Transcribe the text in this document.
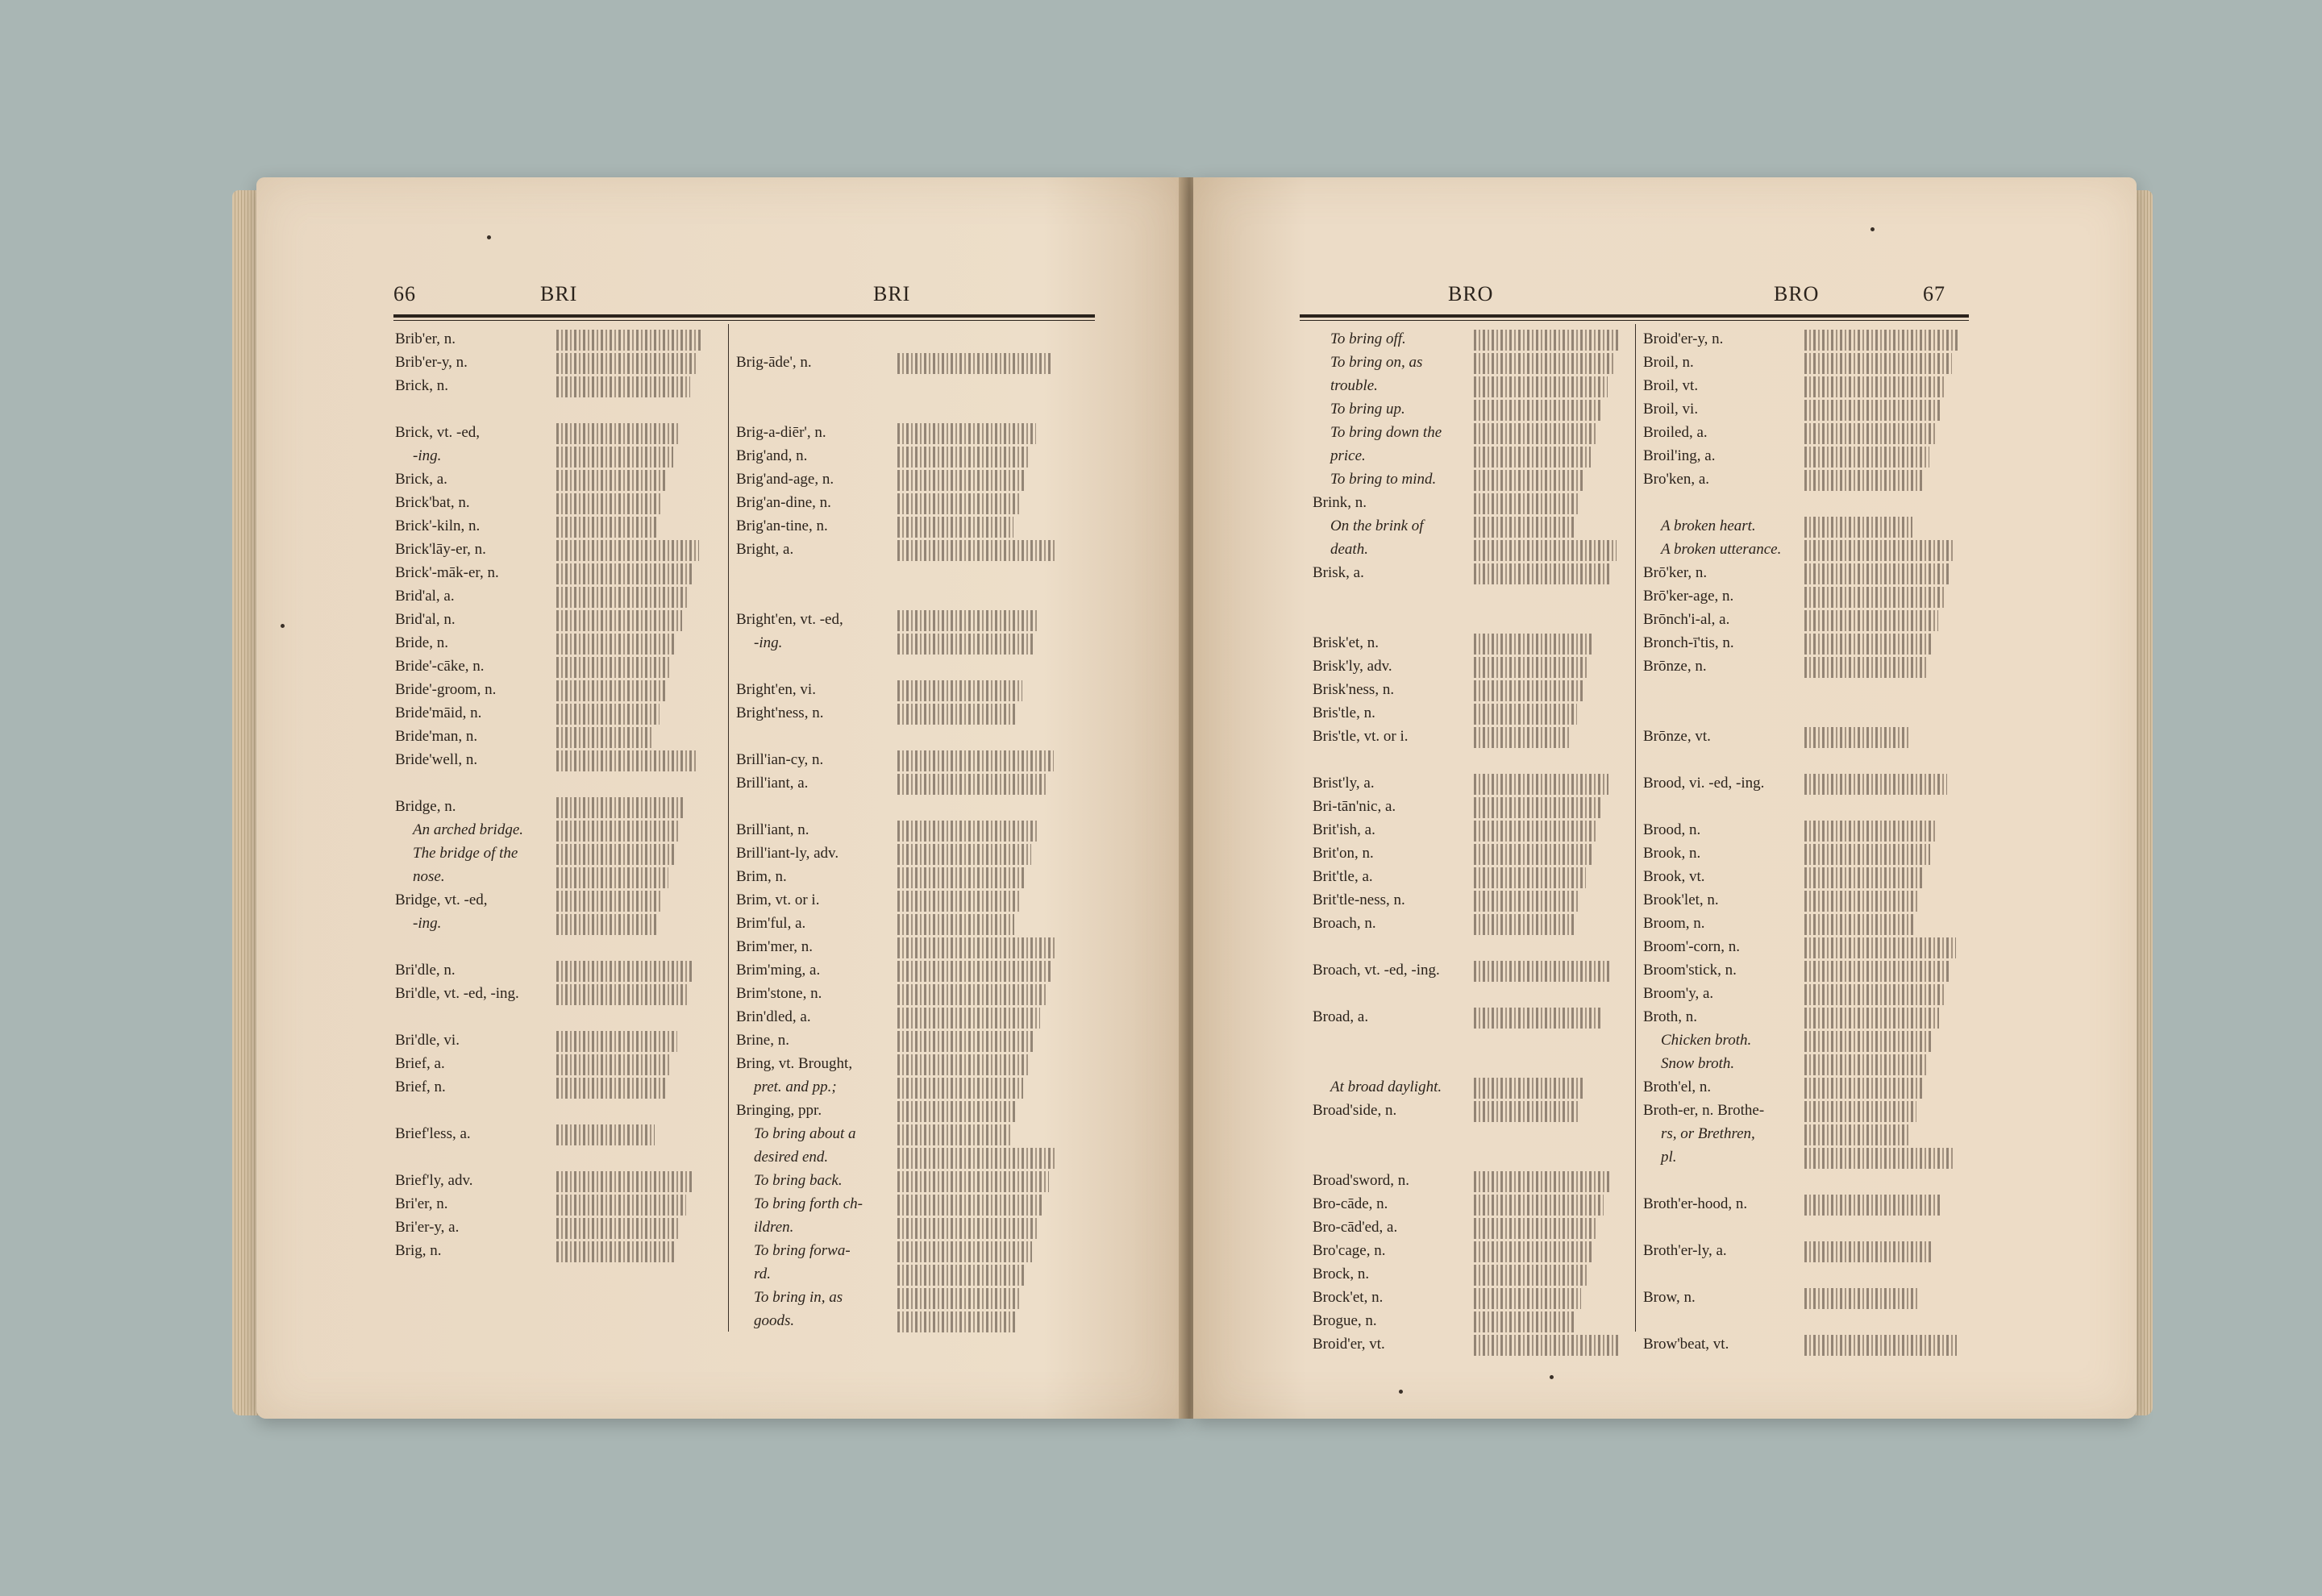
66	BRI	BRI
Brib'er, n.
Brib'er-y, n.
Brick, n.
Brick, vt. -ed,
-ing.
Brick, a.
Brick'bat, n.
Brick'-kiln, n.
Brick'lāy-er, n.
Brick'-māk-er, n.
Brid'al, a.
Brid'al, n.
Bride, n.
Bride'-cāke, n.
Bride'-groom, n.
Bride'māid, n.
Bride'man, n.
Bride'well, n.
Bridge, n.
An arched bridge.
The bridge of the
nose.
Bridge, vt. -ed,
-ing.
Bri'dle, n.
Bri'dle, vt. -ed, -ing.
Bri'dle, vi.
Brief, a.
Brief, n.
Brief'less, a.
Brief'ly, adv.
Bri'er, n.
Bri'er-y, a.
Brig, n.
Brig-āde', n.
Brig-a-diēr', n.
Brig'and, n.
Brig'and-age, n.
Brig'an-dine, n.
Brig'an-tine, n.
Bright, a.
Bright'en, vt. -ed,
-ing.
Bright'en, vi.
Bright'ness, n.
Brill'ian-cy, n.
Brill'iant, a.
Brill'iant, n.
Brill'iant-ly, adv.
Brim, n.
Brim, vt. or i.
Brim'ful, a.
Brim'mer, n.
Brim'ming, a.
Brim'stone, n.
Brin'dled, a.
Brine, n.
Bring, vt. Brought,
pret. and pp.;
Bringing, ppr.
To bring about a
desired end.
To bring back.
To bring forth ch-
ildren.
To bring forwa-
rd.
To bring in, as
goods.
BRO	BRO	67
To bring off.
To bring on, as
trouble.
To bring up.
To bring down the
price.
To bring to mind.
Brink, n.
On the brink of
death.
Brisk, a.
Brisk'et, n.
Brisk'ly, adv.
Brisk'ness, n.
Bris'tle, n.
Bris'tle, vt. or i.
Brist'ly, a.
Bri-tān'nic, a.
Brit'ish, a.
Brit'on, n.
Brit'tle, a.
Brit'tle-ness, n.
Broach, n.
Broach, vt. -ed, -ing.
Broad, a.
At broad daylight.
Broad'side, n.
Broad'sword, n.
Bro-cāde, n.
Bro-cād'ed, a.
Bro'cage, n.
Brock, n.
Brock'et, n.
Brogue, n.
Broid'er, vt.
Broid'er-y, n.
Broil, n.
Broil, vt.
Broil, vi.
Broiled, a.
Broil'ing, a.
Bro'ken, a.
A broken heart.
A broken utterance.
Brō'ker, n.
Brō'ker-age, n.
Brōnch'i-al, a.
Bronch-ī'tis, n.
Brōnze, n.
Brōnze, vt.
Brood, vi. -ed, -ing.
Brood, n.
Brook, n.
Brook, vt.
Brook'let, n.
Broom, n.
Broom'-corn, n.
Broom'stick, n.
Broom'y, a.
Broth, n.
Chicken broth.
Snow broth.
Broth'el, n.
Broth-er, n. Brothe-
rs, or Brethren,
pl.
Broth'er-hood, n.
Broth'er-ly, a.
Brow, n.
Brow'beat, vt.
